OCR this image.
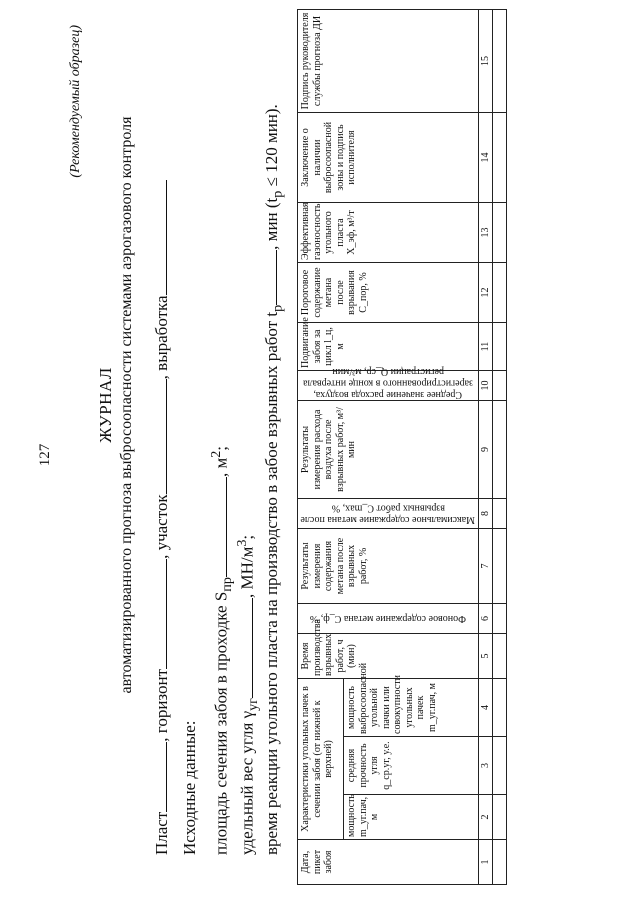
127
(Рекомендуемый образец)
ЖУРНАЛ автоматизированного прогноза выбросоопасности системами аэрогазового контроля
Пласт, горизонт, участок, выработка
Исходные данные: площадь сечения забоя в проходке $S_{пр}$, $м^2$;
удельный вес угля $\gamma_{уг}$, $МН/м^3$; время реакции угольного пласта на производство в забое взрывных работ $t_р$, мин ($t_р \le 120$ мин).
Дата, пикет забоя	Характеристики угольных пачек в сечении забоя (от нижней к верхней)			Время производства взрывных работ, ч (мин)	Фоновое содержание метана C_ф, %	Результаты измерения содержания метана после взрывных работ, %	Максимальное содержание метана после взрывных работ C_max, %	Результаты измерения расхода воздуха после взрывных работ, м³/мин	Среднее значение расхода воздуха, зарегистрированного в конце интервала регистрации Q_ср, м³/мин	Подвигание забоя за цикл l_ц, м	Пороговое содержание метана после взрывания C_пор, %	Эффективная газоносность угольного пласта X_эф, м³/т	Заключение о наличии выбросоопасной зоны и подпись исполнителя	Подпись руководителя службы прогноза ДИ
	мощность m_уг.пач, м	средняя прочность угля q_ср.уг, у.е.	мощность выбросоопасной угольной пачки или совокупности угольных пачек m_уг.пач, м											
1	2	3	4	5	6	7	8	9	10	11	12	13	14	15
